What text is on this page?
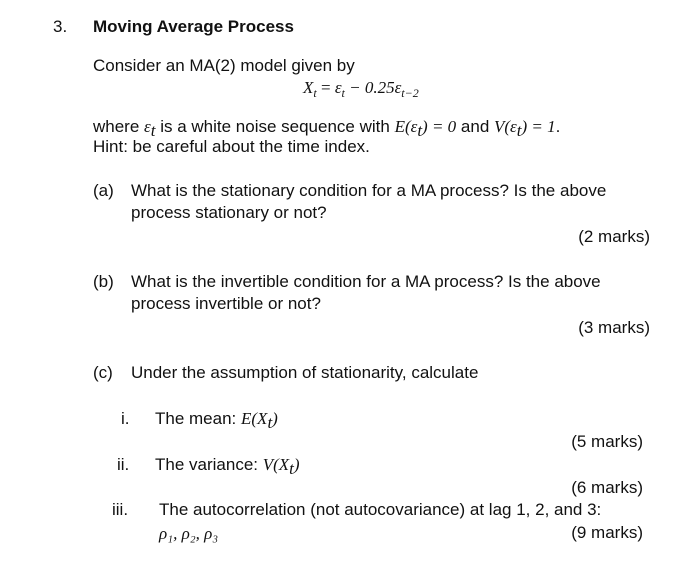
3. Moving Average Process
Consider an MA(2) model given by
$X_t = \varepsilon_t - 0.25\varepsilon_{t-2}$
where $\varepsilon_t$ is a white noise sequence with $E(\varepsilon_t) = 0$ and $V(\varepsilon_t) = 1$.
Hint: be careful about the time index.
(a) What is the stationary condition for a MA process? Is the above
process stationary or not?
(2 marks)
(b) What is the invertible condition for a MA process? Is the above
process invertible or not?
(3 marks)
(c) Under the assumption of stationarity, calculate
i. The mean: $E(X_t)$
(5 marks)
ii. The variance: $V(X_t)$
(6 marks)
iii. The autocorrelation (not autocovariance) at lag 1, 2, and 3:
ρ₁, ρ₂, ρ₃	(9 marks)
